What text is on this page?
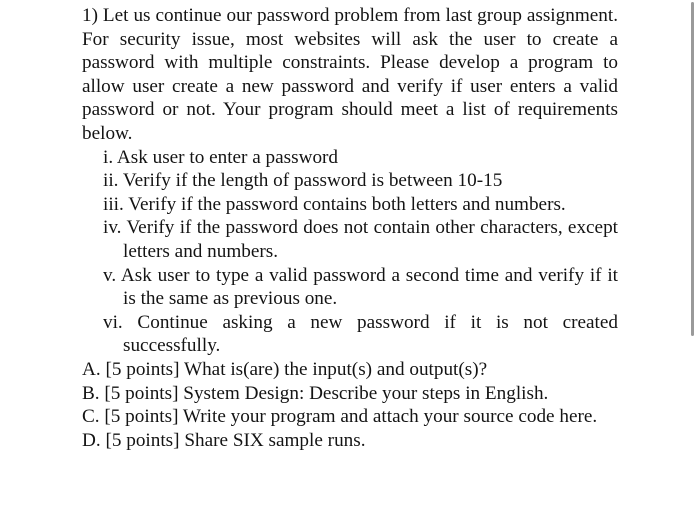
1) Let us continue our password problem from last group assignment. For security issue, most websites will ask the user to create a password with multiple constraints. Please develop a program to allow user create a new password and verify if user enters a valid password or not. Your program should meet a list of requirements below.

i. Ask user to enter a password
ii. Verify if the length of password is between 10-15
iii. Verify if the password contains both letters and numbers.
iv. Verify if the password does not contain other characters, except letters and numbers.
v. Ask user to type a valid password a second time and verify if it is the same as previous one.
vi. Continue asking a new password if it is not created successfully.
A. [5 points] What is(are) the input(s) and output(s)?
B. [5 points] System Design: Describe your steps in English.
C. [5 points] Write your program and attach your source code here.
D. [5 points] Share SIX sample runs.
